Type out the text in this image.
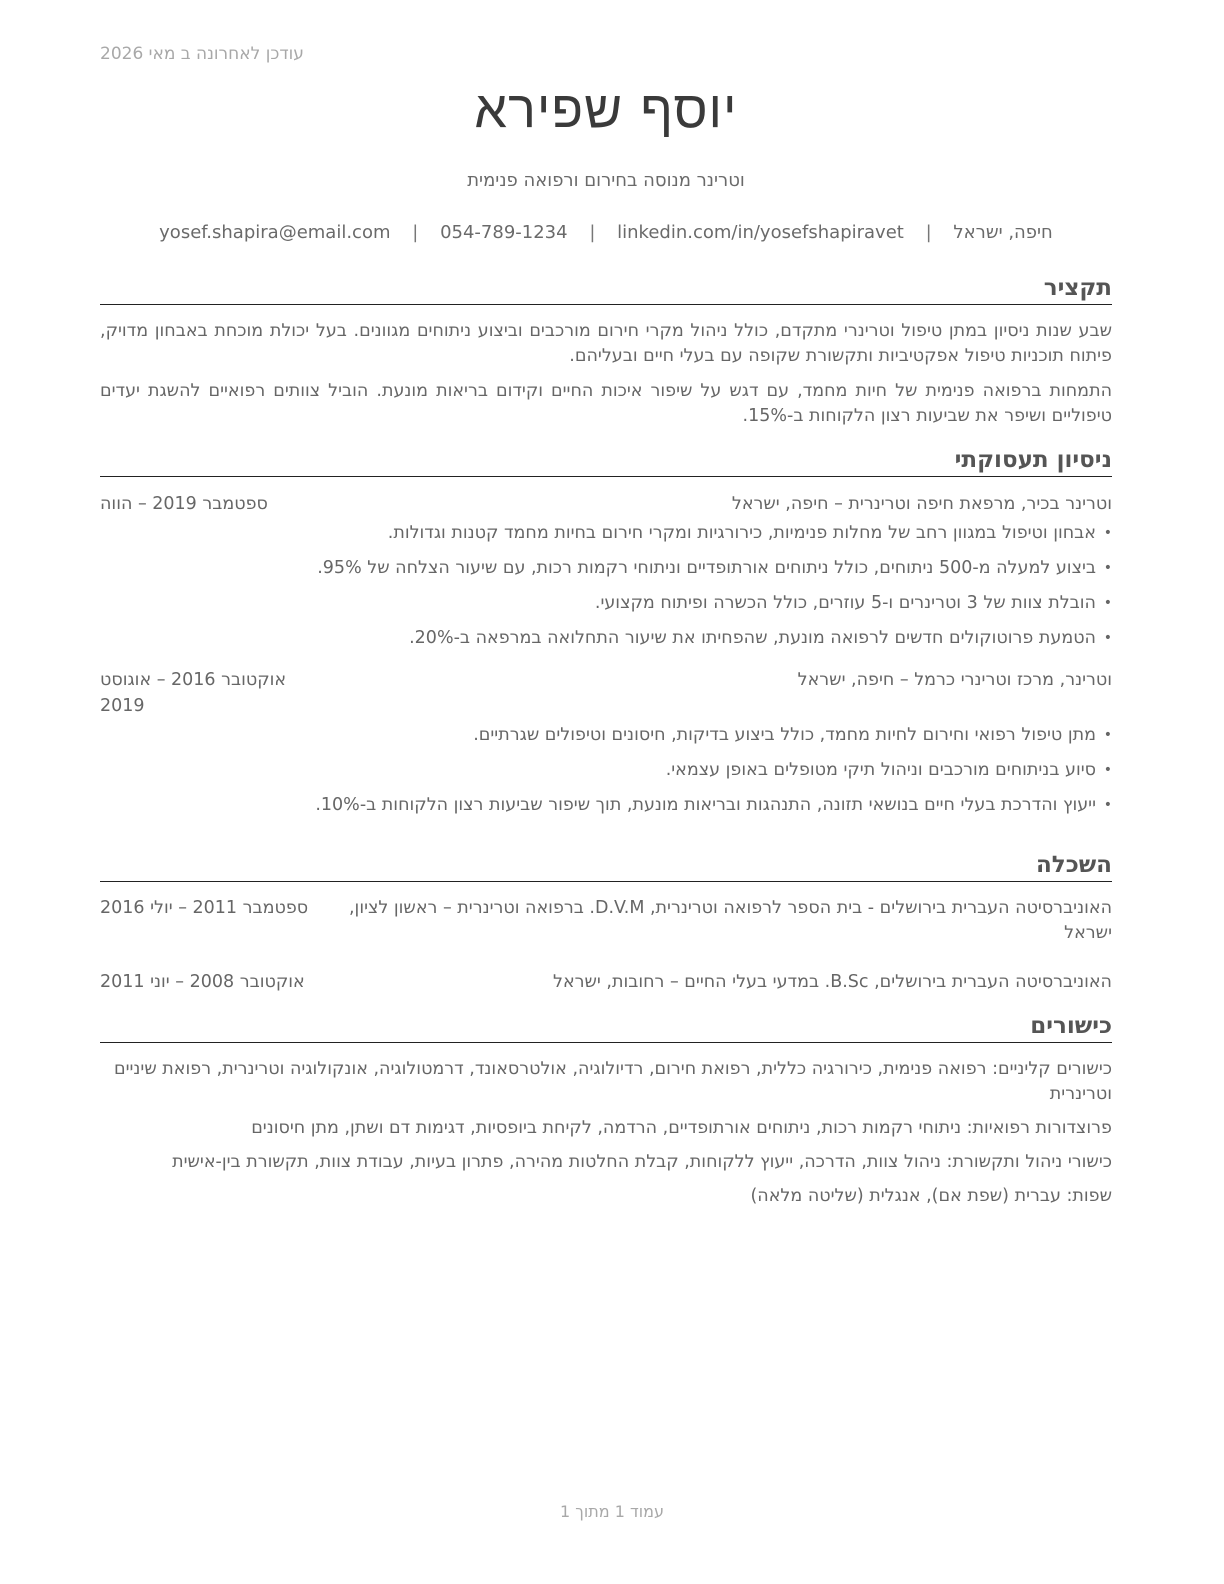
עודכן לאחרונה ב מאי 2026
יוסף שפירא
וטרינר מנוסה בחירום ורפואה פנימית
חיפה, ישראל | yosef.shapira@email.com | 054-789-1234 | linkedin.com/in/yosefshapiravet
תקציר

שבע שנות ניסיון במתן טיפול וטרינרי מתקדם, כולל ניהול מקרי חירום מורכבים וביצוע ניתוחים מגוונים. בעל יכולת מוכחת באבחון מדויק, פיתוח תוכניות טיפול אפקטיביות ותקשורת שקופה עם בעלי חיים ובעליהם.

התמחות ברפואה פנימית של חיות מחמד, עם דגש על שיפור איכות החיים וקידום בריאות מונעת. הוביל צוותים רפואיים להשגת יעדים טיפוליים ושיפר את שביעות רצון הלקוחות ב-15%.

ניסיון תעסוקתי
וטרינר בכיר, מרפאת חיפה וטרינרית – חיפה, ישראל
ספטמבר 2019 – הווה
• אבחון וטיפול במגוון רחב של מחלות פנימיות, כירורגיות ומקרי חירום בחיות מחמד קטנות וגדולות.
• ביצוע למעלה מ-500 ניתוחים, כולל ניתוחים אורתופדיים וניתוחי רקמות רכות, עם שיעור הצלחה של 95%.
• הובלת צוות של 3 וטרינרים ו-5 עוזרים, כולל הכשרה ופיתוח מקצועי.
• הטמעת פרוטוקולים חדשים לרפואה מונעת, שהפחיתו את שיעור התחלואה במרפאה ב-20%.
וטרינר, מרכז וטרינרי כרמל – חיפה, ישראל
אוקטובר 2016 – אוגוסט 2019
• מתן טיפול רפואי וחירום לחיות מחמד, כולל ביצוע בדיקות, חיסונים וטיפולים שגרתיים.
• סיוע בניתוחים מורכבים וניהול תיקי מטופלים באופן עצמאי.
• ייעוץ והדרכת בעלי חיים בנושאי תזונה, התנהגות ובריאות מונעת, תוך שיפור שביעות רצון הלקוחות ב-10%.
השכלה
האוניברסיטה העברית בירושלים - בית הספר לרפואה וטרינרית, D.V.M. ברפואה וטרינרית – ראשון לציון, ישראל
ספטמבר 2011 – יולי 2016
האוניברסיטה העברית בירושלים, B.Sc. במדעי בעלי החיים – רחובות, ישראל
אוקטובר 2008 – יוני 2011
כישורים
כישורים קליניים: רפואה פנימית, כירורגיה כללית, רפואת חירום, רדיולוגיה, אולטרסאונד, דרמטולוגיה, אונקולוגיה וטרינרית, רפואת שיניים וטרינרית
פרוצדורות רפואיות: ניתוחי רקמות רכות, ניתוחים אורתופדיים, הרדמה, לקיחת ביופסיות, דגימות דם ושתן, מתן חיסונים
כישורי ניהול ותקשורת: ניהול צוות, הדרכה, ייעוץ ללקוחות, קבלת החלטות מהירה, פתרון בעיות, עבודת צוות, תקשורת בין-אישית
שפות: עברית (שפת אם), אנגלית (שליטה מלאה)
עמוד 1 מתוך 1
